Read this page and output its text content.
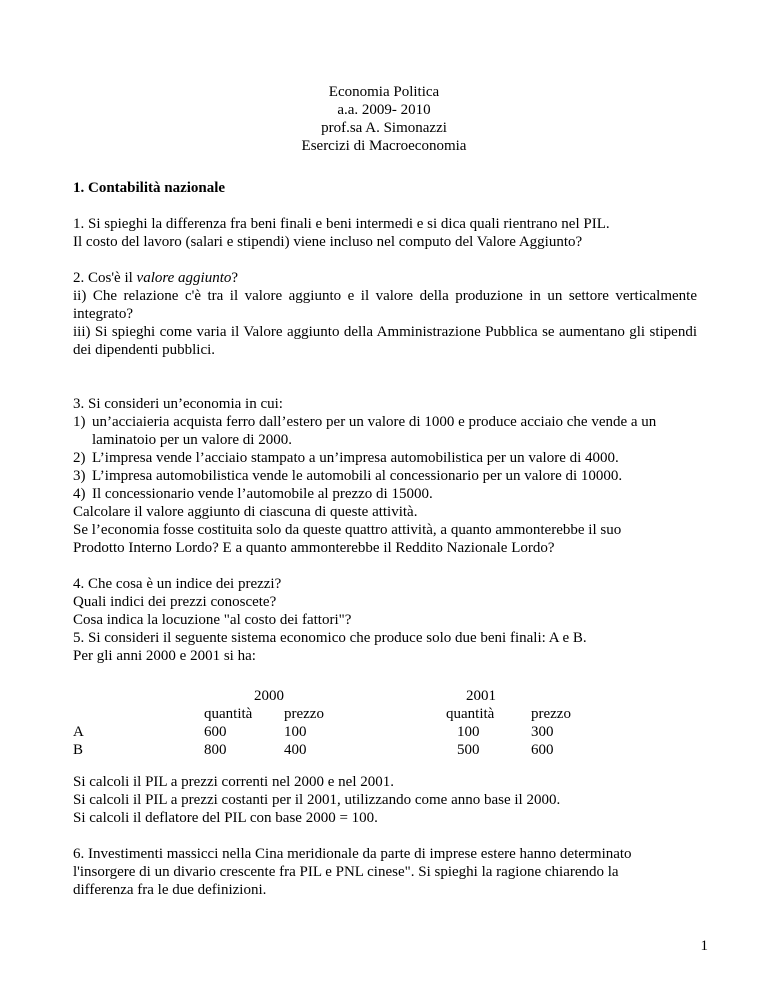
Economia Politica
a.a. 2009- 2010
prof.sa A. Simonazzi
Esercizi di Macroeconomia
1. Contabilità nazionale
1. Si spieghi la differenza fra beni finali e beni intermedi e si dica quali rientrano nel PIL.
Il costo del lavoro (salari e stipendi) viene incluso nel computo del Valore Aggiunto?
2. Cos'è il valore aggiunto?
ii) Che relazione c'è tra il valore aggiunto e il valore della produzione in un settore verticalmente integrato?
iii) Si spieghi come varia il Valore aggiunto della Amministrazione Pubblica se aumentano gli stipendi dei dipendenti pubblici.
3. Si consideri un’economia in cui:
1) un’acciaieria acquista ferro dall’estero per un valore di 1000 e produce acciaio che vende a un laminatoio per un valore di 2000.
2) L’impresa vende l’acciaio stampato a un’impresa automobilistica per un valore di 4000.
3) L’impresa automobilistica vende le automobili al concessionario per un valore di 10000.
4) Il concessionario vende l’automobile al prezzo di 15000.
Calcolare il valore aggiunto di ciascuna di queste attività.
Se l’economia fosse costituita solo da queste quattro attività, a quanto ammonterebbe il suo
Prodotto Interno Lordo? E a quanto ammonterebbe il Reddito Nazionale Lordo?
4. Che cosa è un indice dei prezzi?
Quali indici dei prezzi conoscete?
Cosa indica la locuzione "al costo dei fattori"?
5. Si consideri il seguente sistema economico che produce solo due beni finali: A e B.
Per gli anni 2000 e 2001 si ha:
2000	2001
quantità prezzo	quantità prezzo
A	600	100	100	300
B	800	400	500	600
Si calcoli il PIL a prezzi correnti nel 2000 e nel 2001.
Si calcoli il PIL a prezzi costanti per il 2001, utilizzando come anno base il 2000.
Si calcoli il deflatore del PIL con base 2000 = 100.
6. Investimenti massicci nella Cina meridionale da parte di imprese estere hanno determinato
l'insorgere di un divario crescente fra PIL e PNL cinese". Si spieghi la ragione chiarendo la
differenza fra le due definizioni.
1
